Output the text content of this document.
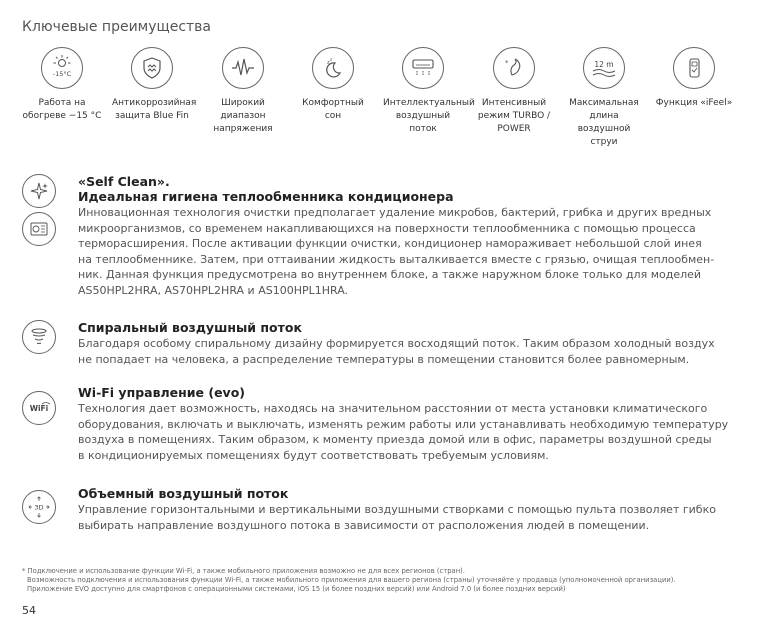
Ключевые преимущества
-15°C
Работа на обогреве −15 °C
Антикоррозийная защита Blue Fin
Широкий диапазон напряжения
z
z
Комфортный сон
Интеллектуальный воздушный поток
*
Интенсивный режим TURBO / POWER
12 m
Максимальная длина воздушной струи
Функция «iFeel»
«Self Clean».
Идеальная гигиена теплообменника кондиционера
Инновационная технология очистки предполагает удаление микробов, бактерий, грибка и других вредных
микроорганизмов, со временем накапливающихся на поверхности теплообменника с помощью процесса
терморасширения. После активации функции очистки, кондиционер намораживает небольшой слой инея
на теплообменнике. Затем, при оттаивании жидкость выталкивается вместе с грязью, очищая теплообмен-
ник. Данная функция предусмотрена во внутреннем блоке, а также наружном блоке только для моделей
AS50HPL2HRA, AS70HPL2HRA и AS100HPL1HRA.
Спиральный воздушный поток
Благодаря особому спиральному дизайну формируется восходящий поток. Таким образом холодный воздух
не попадает на человека, а распределение температуры в помещении становится более равномерным.
WiFi
Wi-Fi управление (evo)
Технология дает возможность, находясь на значительном расстоянии от места установки климатического
оборудования, включать и выключать, изменять режим работы или устанавливать необходимую температуру
воздуха в помещениях. Таким образом, к моменту приезда домой или в офис, параметры воздушной среды
в кондиционируемых помещениях будут соответствовать требуемым условиям.
3D
Объемный воздушный поток
Управление горизонтальными и вертикальными воздушными створками с помощью пульта позволяет гибко
выбирать направление воздушного потока в зависимости от расположения людей в помещении.
* Подключение и использование функции Wi-Fi, а также мобильного приложения возможно не для всех регионов (стран).
Возможность подключения и использования функции Wi-Fi, а также мобильного приложения для вашего региона (страны) уточняйте у продавца (уполномоченной организации).
Приложение EVO доступно для смартфонов с операционными системами, iOS 15 (и более поздних версий) или Android 7.0 (и более поздних версий)
54
